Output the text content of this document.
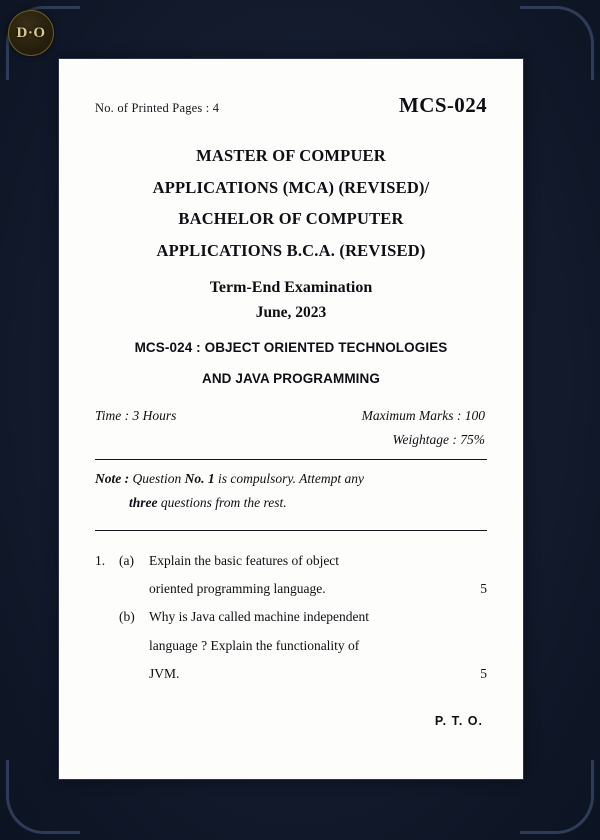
D·O
No. of Printed Pages : 4	MCS-024
MASTER OF COMPUER
APPLICATIONS (MCA) (REVISED)/
BACHELOR OF COMPUTER
APPLICATIONS B.C.A. (REVISED)
Term-End Examination
June, 2023
MCS-024 : OBJECT ORIENTED TECHNOLOGIES
AND JAVA PROGRAMMING
Time : 3 Hours	Maximum Marks : 100
Weightage : 75%
Note : Question No. 1 is compulsory. Attempt any
three questions from the rest.
1.	(a)	Explain the basic features of object
oriented programming language.	5
(b)	Why is Java called machine independent
language ? Explain the functionality of
JVM.	5
P. T. O.
